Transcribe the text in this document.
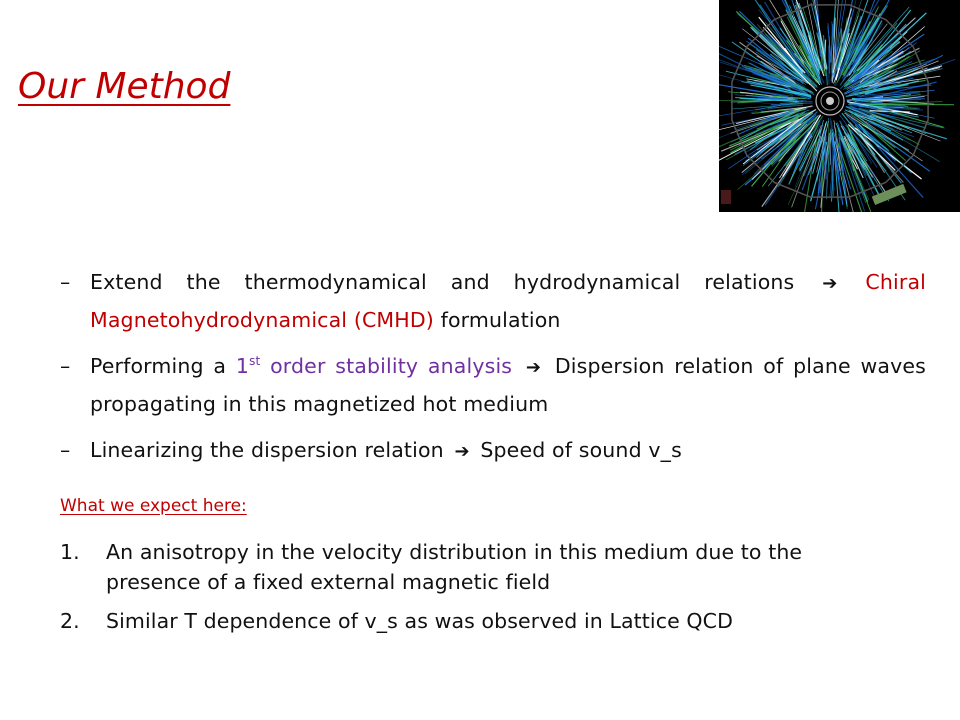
Our Method
– Extend the thermodynamical and hydrodynamical relations ➔ Chiral Magnetohydrodynamical (CMHD) formulation
– Performing a 1st order stability analysis ➔ Dispersion relation of plane waves propagating in this magnetized hot medium
– Linearizing the dispersion relation ➔ Speed of sound v_s
What we expect here:
1. An anisotropy in the velocity distribution in this medium due to the presence of a fixed external magnetic field
2. Similar T dependence of v_s as was observed in Lattice QCD
